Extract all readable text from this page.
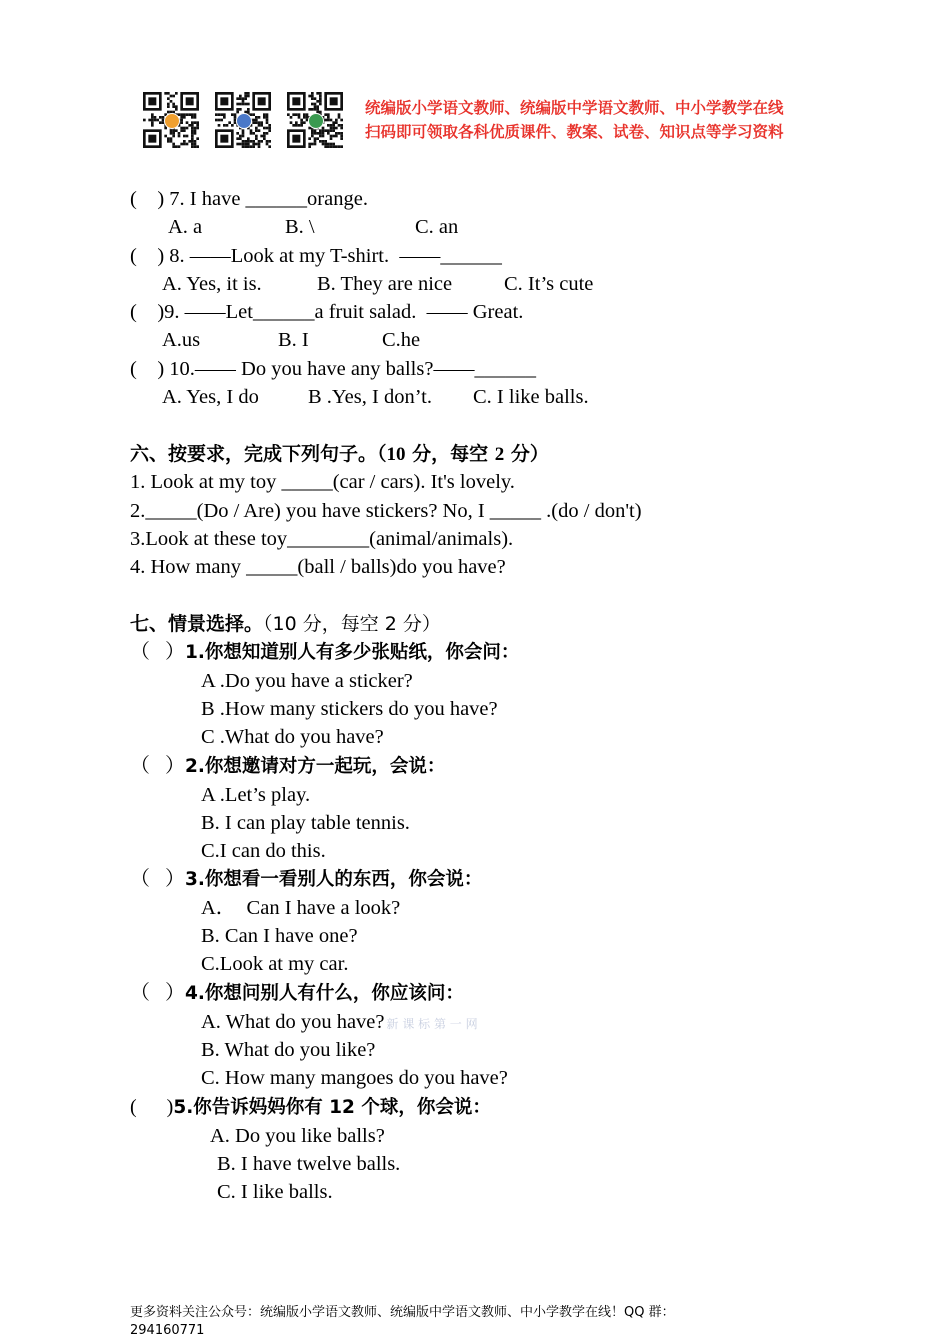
统编版小学语文教师、统编版中学语文教师、中小学教学在线
扫码即可领取各科优质课件、教案、试卷、知识点等学习资料
(    ) 7. I have ______orange.
A. a	B. \	C. an
(    ) 8. ——Look at my T-shirt.  ——______
A. Yes, it is.	B. They are nice	C. It’s cute
(    )9. ——Let______a fruit salad.  —— Great.
A.us	B. I	C.he
(    ) 10.—— Do you have any balls?——______
A. Yes, I do B .Yes, I don’t. C. I like balls.
六、按要求，完成下列句子。（10 分，每空 2 分）
1. Look at my toy _____(car / cars). It's lovely.
2._____(Do / Are) you have stickers? No, I _____ .(do / don't)
3.Look at these toy________(animal/animals).
4. How many _____(ball / balls)do you have?
七、情景选择。（10 分，每空 2 分）
（   ）1.你想知道别人有多少张贴纸，你会问：
A .Do you have a sticker?
B .How many stickers do you have?
C .What do you have?
（   ）2.你想邀请对方一起玩，会说：
A .Let’s play.
B. I can play table tennis.
C.I can do this.
（   ）3.你想看一看别人的东西，你会说：
A．  Can I have a look?
B. Can I have one?
C.Look at my car.
（   ）4.你想问别人有什么，你应该问：
A. What do you have? 新 课 标 第 一 网
B. What do you like?
C. How many mangoes do you have?
(      )5.你告诉妈妈你有 12 个球，你会说：
A. Do you like balls?
B. I have twelve balls.
C. I like balls.
更多资料关注公众号：统编版小学语文教师、统编版中学语文教师、中小学教学在线！QQ 群：
294160771
